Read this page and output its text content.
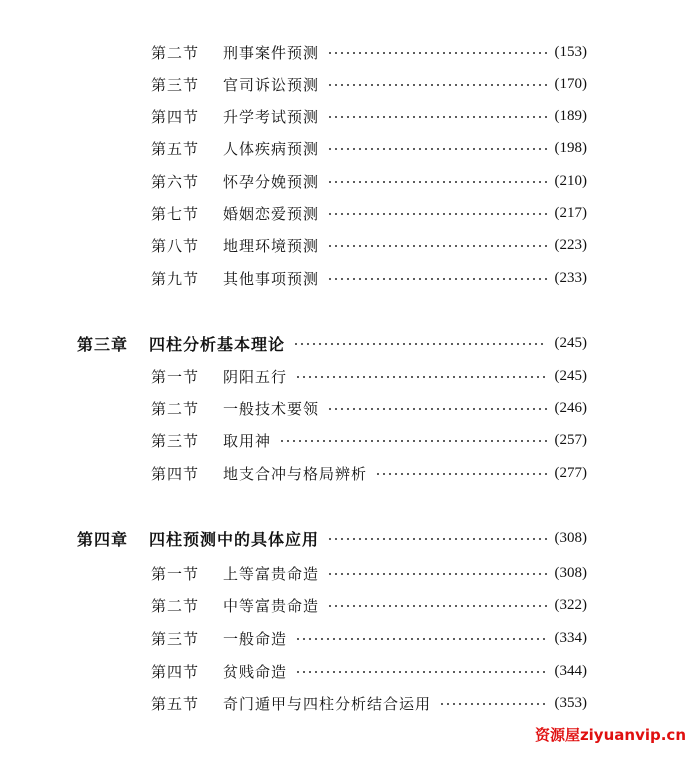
第二节	刑事案件预测	(153)
第三节	官司诉讼预测	(170)
第四节	升学考试预测	(189)
第五节	人体疾病预测	(198)
第六节	怀孕分娩预测	(210)
第七节	婚姻恋爱预测	(217)
第八节	地理环境预测	(223)
第九节	其他事项预测	(233)
第三章	四柱分析基本理论	(245)
第一节	阴阳五行	(245)
第二节	一般技术要领	(246)
第三节	取用神	(257)
第四节	地支合冲与格局辨析	(277)
第四章	四柱预测中的具体应用	(308)
第一节	上等富贵命造	(308)
第二节	中等富贵命造	(322)
第三节	一般命造	(334)
第四节	贫贱命造	(344)
第五节	奇门遁甲与四柱分析结合运用	(353)
资源屋ziyuanvip.cn
